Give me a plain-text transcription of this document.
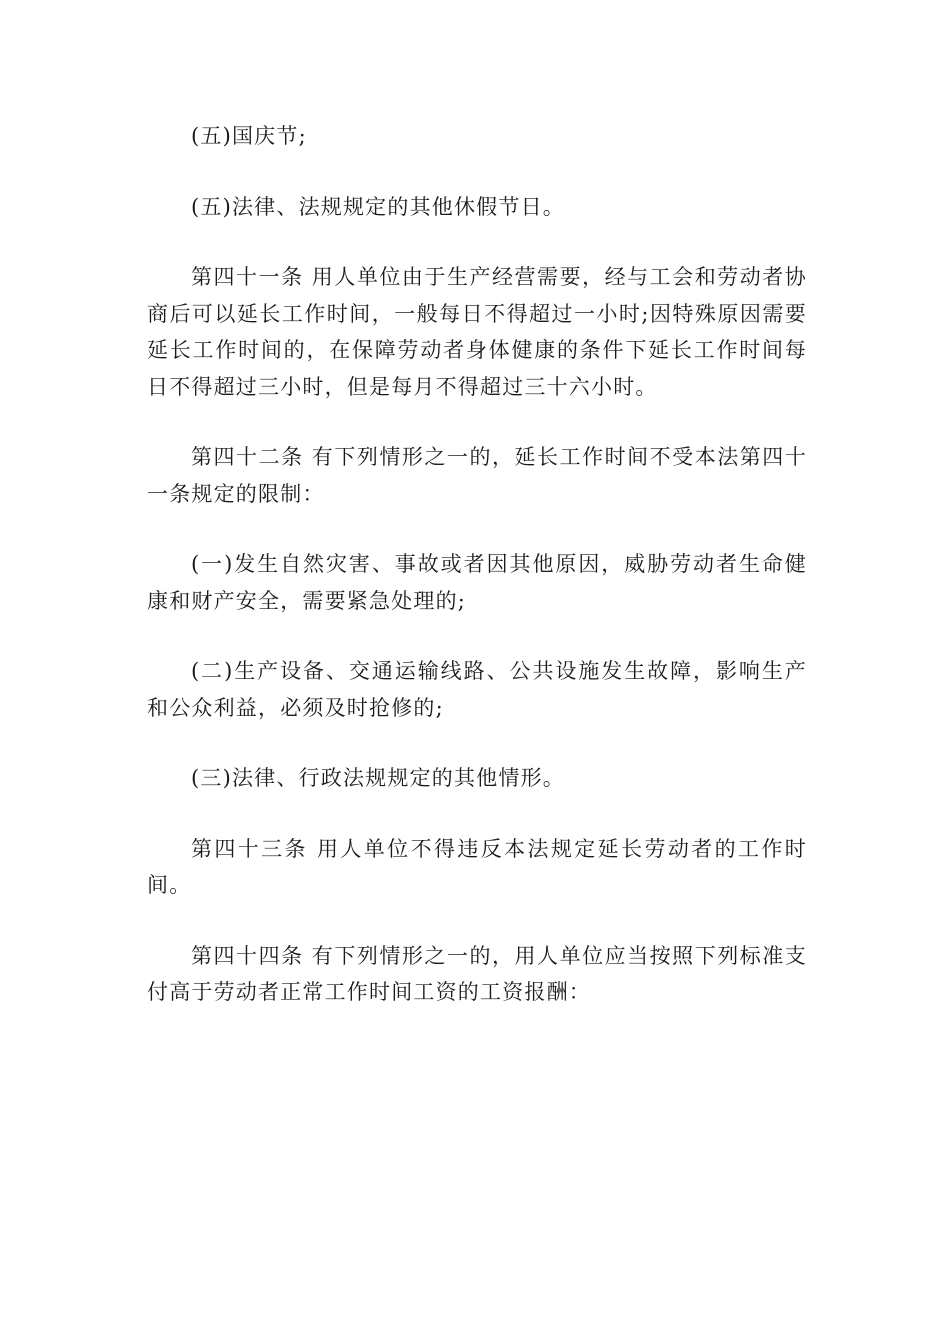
(五)国庆节;

(五)法律、法规规定的其他休假节日。

第四十一条 用人单位由于生产经营需要，经与工会和劳动者协商后可以延长工作时间，一般每日不得超过一小时;因特殊原因需要延长工作时间的，在保障劳动者身体健康的条件下延长工作时间每日不得超过三小时，但是每月不得超过三十六小时。

第四十二条 有下列情形之一的，延长工作时间不受本法第四十一条规定的限制：

(一)发生自然灾害、事故或者因其他原因，威胁劳动者生命健康和财产安全，需要紧急处理的;

(二)生产设备、交通运输线路、公共设施发生故障，影响生产和公众利益，必须及时抢修的;

(三)法律、行政法规规定的其他情形。

第四十三条 用人单位不得违反本法规定延长劳动者的工作时间。

第四十四条 有下列情形之一的，用人单位应当按照下列标准支付高于劳动者正常工作时间工资的工资报酬：
